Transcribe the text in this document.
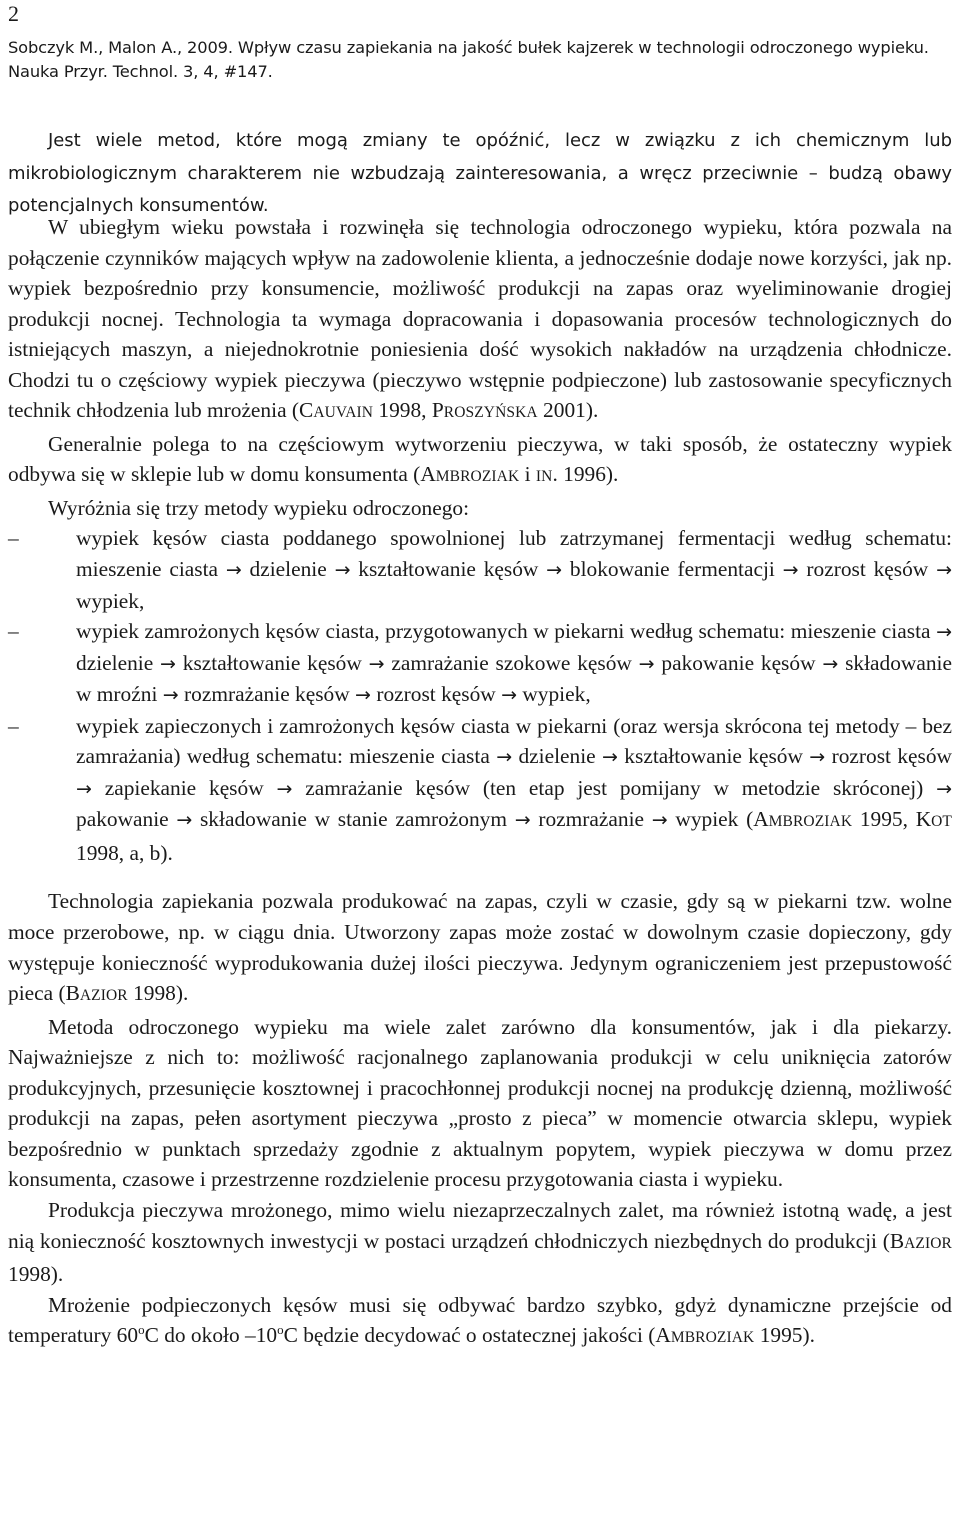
2
Sobczyk M., Malon A., 2009. Wpływ czasu zapiekania na jakość bułek kajzerek w technologii odroczonego wypieku.
Nauka Przyr. Technol. 3, 4, #147.

Jest wiele metod, które mogą zmiany te opóźnić, lecz w związku z ich chemicznym lub mikrobiologicznym charakterem nie wzbudzają zainteresowania, a wręcz przeciwnie – budzą obawy potencjalnych konsumentów.

W ubiegłym wieku powstała i rozwinęła się technologia odroczonego wypieku, która pozwala na połączenie czynników mających wpływ na zadowolenie klienta, a jednocześnie dodaje nowe korzyści, jak np. wypiek bezpośrednio przy konsumencie, możliwość produkcji na zapas oraz wyeliminowanie drogiej produkcji nocnej. Technologia ta wymaga dopracowania i dopasowania procesów technologicznych do istniejących maszyn, a niejednokrotnie poniesienia dość wysokich nakładów na urządzenia chłodnicze. Chodzi tu o częściowy wypiek pieczywa (pieczywo wstępnie podpieczone) lub zastosowanie specyficznych technik chłodzenia lub mrożenia (CAUVAIN 1998, PROSZYŃSKA 2001).

Generalnie polega to na częściowym wytworzeniu pieczywa, w taki sposób, że ostateczny wypiek odbywa się w sklepie lub w domu konsumenta (AMBROZIAK i IN. 1996).

Wyróżnia się trzy metody wypieku odroczonego:

– wypiek kęsów ciasta poddanego spowolnionej lub zatrzymanej fermentacji według schematu: mieszenie ciasta → dzielenie → kształtowanie kęsów → blokowanie fermentacji → rozrost kęsów → wypiek,
– wypiek zamrożonych kęsów ciasta, przygotowanych w piekarni według schematu: mieszenie ciasta → dzielenie → kształtowanie kęsów → zamrażanie szokowe kęsów → pakowanie kęsów → składowanie w mroźni → rozmrażanie kęsów → rozrost kęsów → wypiek,
– wypiek zapieczonych i zamrożonych kęsów ciasta w piekarni (oraz wersja skrócona tej metody – bez zamrażania) według schematu: mieszenie ciasta → dzielenie → kształtowanie kęsów → rozrost kęsów → zapiekanie kęsów → zamrażanie kęsów (ten etap jest pomijany w metodzie skróconej) → pakowanie → składowanie w stanie zamrożonym → rozmrażanie → wypiek (AMBROZIAK 1995, KOT 1998, a, b).

Technologia zapiekania pozwala produkować na zapas, czyli w czasie, gdy są w piekarni tzw. wolne moce przerobowe, np. w ciągu dnia. Utworzony zapas może zostać w dowolnym czasie dopieczony, gdy występuje konieczność wyprodukowania dużej ilości pieczywa. Jedynym ograniczeniem jest przepustowość pieca (BAZIOR 1998).

Metoda odroczonego wypieku ma wiele zalet zarówno dla konsumentów, jak i dla piekarzy. Najważniejsze z nich to: możliwość racjonalnego zaplanowania produkcji w celu uniknięcia zatorów produkcyjnych, przesunięcie kosztownej i pracochłonnej produkcji nocnej na produkcję dzienną, możliwość produkcji na zapas, pełen asortyment pieczywa „prosto z pieca” w momencie otwarcia sklepu, wypiek bezpośrednio w punktach sprzedaży zgodnie z aktualnym popytem, wypiek pieczywa w domu przez konsumenta, czasowe i przestrzenne rozdzielenie procesu przygotowania ciasta i wypieku.

Produkcja pieczywa mrożonego, mimo wielu niezaprzeczalnych zalet, ma również istotną wadę, a jest nią konieczność kosztownych inwestycji w postaci urządzeń chłodniczych niezbędnych do produkcji (BAZIOR 1998).

Mrożenie podpieczonych kęsów musi się odbywać bardzo szybko, gdyż dynamiczne przejście od temperatury 60$^o$C do około –10$^o$C będzie decydować o ostatecznej jakości (AMBROZIAK 1995).
